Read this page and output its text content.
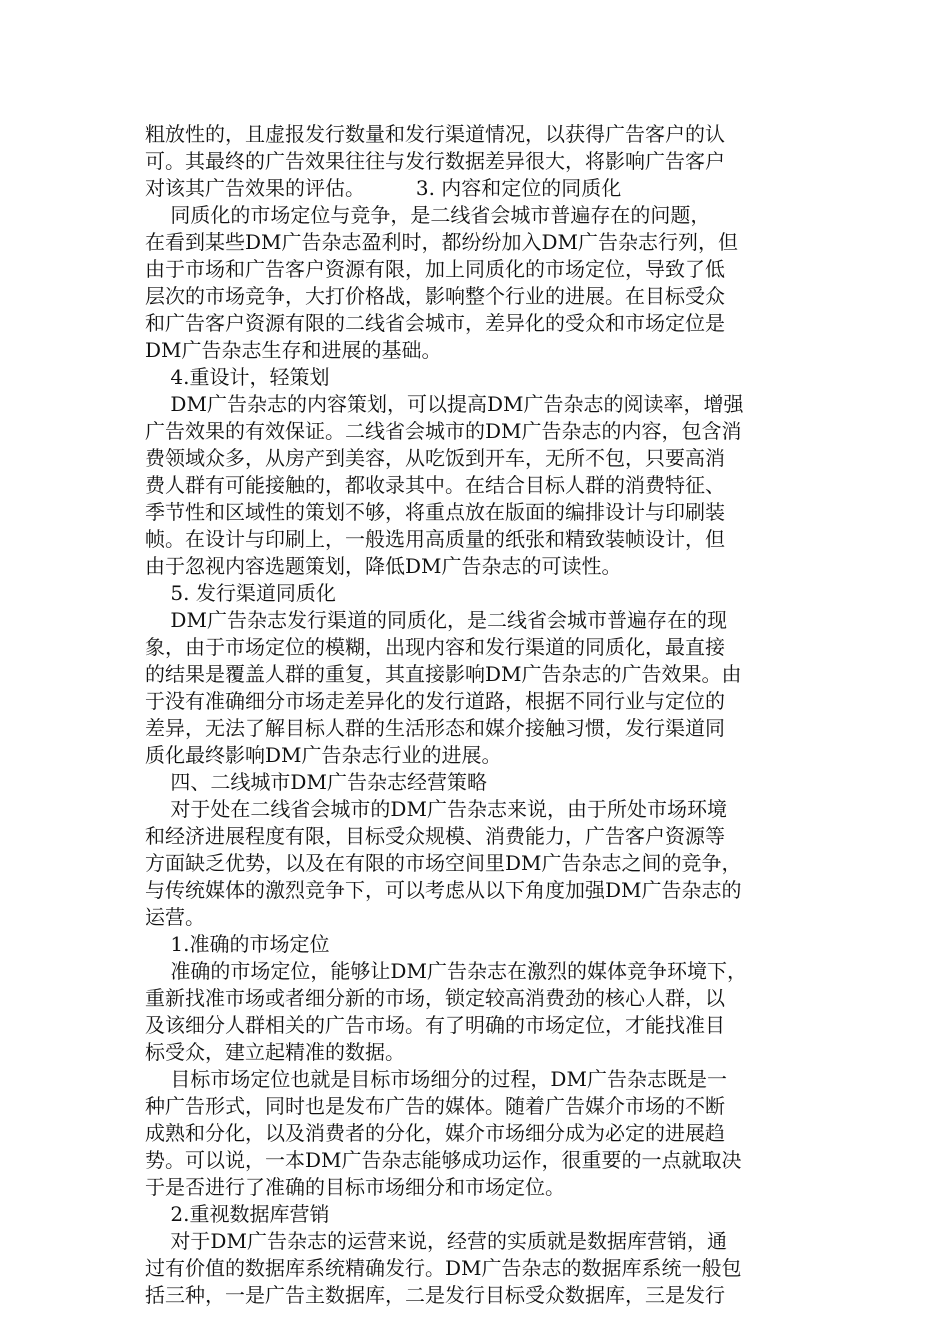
粗放性的，且虚报发行数量和发行渠道情况，以获得广告客户的认
可。其最终的广告效果往往与发行数据差异很大，将影响广告客户
对该其广告效果的评估。        3. 内容和定位的同质化
同质化的市场定位与竞争，是二线省会城市普遍存在的问题，
在看到某些DM广告杂志盈利时，都纷纷加入DM广告杂志行列，但
由于市场和广告客户资源有限，加上同质化的市场定位，导致了低
层次的市场竞争，大打价格战，影响整个行业的进展。在目标受众
和广告客户资源有限的二线省会城市，差异化的受众和市场定位是
DM广告杂志生存和进展的基础。
4.重设计，轻策划
DM广告杂志的内容策划，可以提高DM广告杂志的阅读率，增强
广告效果的有效保证。二线省会城市的DM广告杂志的内容，包含消
费领域众多，从房产到美容，从吃饭到开车，无所不包，只要高消
费人群有可能接触的，都收录其中。在结合目标人群的消费特征、
季节性和区域性的策划不够，将重点放在版面的编排设计与印刷装
帧。在设计与印刷上，一般选用高质量的纸张和精致装帧设计，但
由于忽视内容选题策划，降低DM广告杂志的可读性。
5. 发行渠道同质化
DM广告杂志发行渠道的同质化，是二线省会城市普遍存在的现
象，由于市场定位的模糊，出现内容和发行渠道的同质化，最直接
的结果是覆盖人群的重复，其直接影响DM广告杂志的广告效果。由
于没有准确细分市场走差异化的发行道路，根据不同行业与定位的
差异，无法了解目标人群的生活形态和媒介接触习惯，发行渠道同
质化最终影响DM广告杂志行业的进展。
四、二线城市DM广告杂志经营策略
对于处在二线省会城市的DM广告杂志来说，由于所处市场环境
和经济进展程度有限，目标受众规模、消费能力，广告客户资源等
方面缺乏优势，以及在有限的市场空间里DM广告杂志之间的竞争，
与传统媒体的激烈竞争下，可以考虑从以下角度加强DM广告杂志的
运营。
1.准确的市场定位
准确的市场定位，能够让DM广告杂志在激烈的媒体竞争环境下，
重新找准市场或者细分新的市场，锁定较高消费劲的核心人群，以
及该细分人群相关的广告市场。有了明确的市场定位，才能找准目
标受众，建立起精准的数据。
目标市场定位也就是目标市场细分的过程，DM广告杂志既是一
种广告形式，同时也是发布广告的媒体。随着广告媒介市场的不断
成熟和分化，以及消费者的分化，媒介市场细分成为必定的进展趋
势。可以说，一本DM广告杂志能够成功运作，很重要的一点就取决
于是否进行了准确的目标市场细分和市场定位。
2.重视数据库营销
对于DM广告杂志的运营来说，经营的实质就是数据库营销，通
过有价值的数据库系统精确发行。DM广告杂志的数据库系统一般包
括三种，一是广告主数据库，二是发行目标受众数据库，三是发行
